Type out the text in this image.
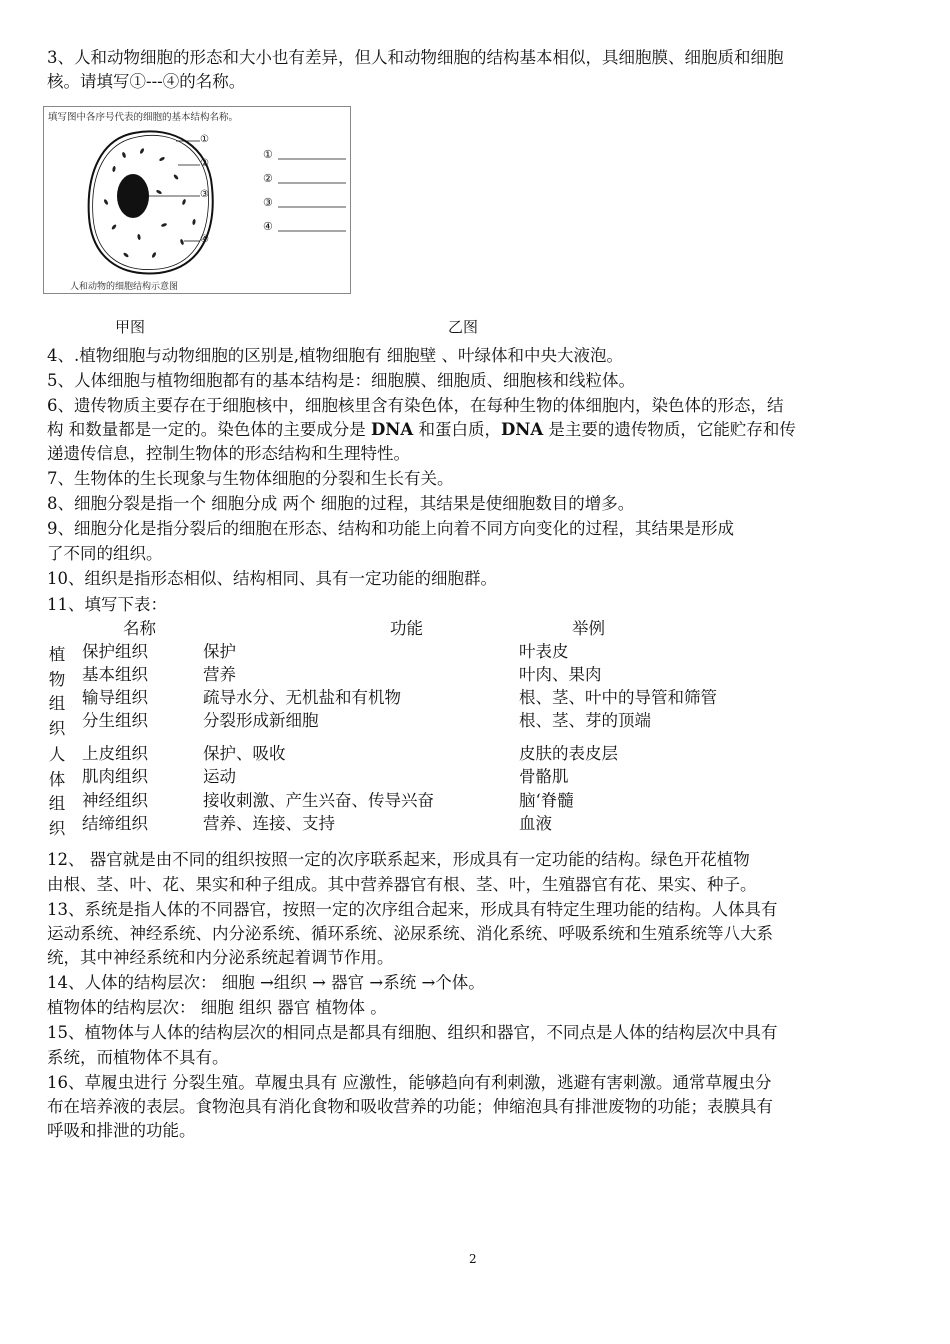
3、人和动物细胞的形态和大小也有差异，但人和动物细胞的结构基本相似，具细胞膜、细胞质和细胞
核。请填写①---④的名称。
填写图中各序号代表的细胞的基本结构名称。
①
②
③
④
①
②
③
④
人和动物的细胞结构示意图
甲图	乙图
4、.植物细胞与动物细胞的区别是,植物细胞有 细胞壁 、叶绿体和中央大液泡。
5、人体细胞与植物细胞都有的基本结构是：细胞膜、细胞质、细胞核和线粒体。
6、遗传物质主要存在于细胞核中，细胞核里含有染色体，在每种生物的体细胞内，染色体的形态，结
构 和数量都是一定的。染色体的主要成分是 DNA 和蛋白质，DNA 是主要的遗传物质，它能贮存和传
递遗传信息，控制生物体的形态结构和生理特性。
7、生物体的生长现象与生物体细胞的分裂和生长有关。
8、细胞分裂是指一个 细胞分成 两个 细胞的过程，其结果是使细胞数目的增多。
9、细胞分化是指分裂后的细胞在形态、结构和功能上向着不同方向变化的过程，其结果是形成
了不同的组织。
10、组织是指形态相似、结构相同、具有一定功能的细胞群。
11、填写下表：
名称	功能	举例
植
物
组
织
保护组织	保护	叶表皮
基本组织	营养	叶肉、果肉
输导组织	疏导水分、无机盐和有机物	根、茎、叶中的导管和筛管
分生组织	分裂形成新细胞	根、茎、芽的顶端
人
体
组
织
上皮组织	保护、吸收	皮肤的表皮层
肌肉组织	运动	骨骼肌
神经组织	接收刺激、产生兴奋、传导兴奋	脑‘脊髓
结缔组织	营养、连接、支持	血液
12、 器官就是由不同的组织按照一定的次序联系起来，形成具有一定功能的结构。绿色开花植物
由根、茎、叶、花、果实和种子组成。其中营养器官有根、茎、叶，生殖器官有花、果实、种子。
13、系统是指人体的不同器官，按照一定的次序组合起来，形成具有特定生理功能的结构。人体具有
运动系统、神经系统、内分泌系统、循环系统、泌尿系统、消化系统、呼吸系统和生殖系统等八大系
统，其中神经系统和内分泌系统起着调节作用。
14、人体的结构层次： 细胞 →组织 → 器官 →系统 →个体。
植物体的结构层次： 细胞 组织 器官 植物体 。
15、植物体与人体的结构层次的相同点是都具有细胞、组织和器官，不同点是人体的结构层次中具有
系统，而植物体不具有。
16、草履虫进行 分裂生殖。草履虫具有 应激性，能够趋向有利刺激，逃避有害刺激。通常草履虫分
布在培养液的表层。食物泡具有消化食物和吸收营养的功能；伸缩泡具有排泄废物的功能；表膜具有
呼吸和排泄的功能。
2
